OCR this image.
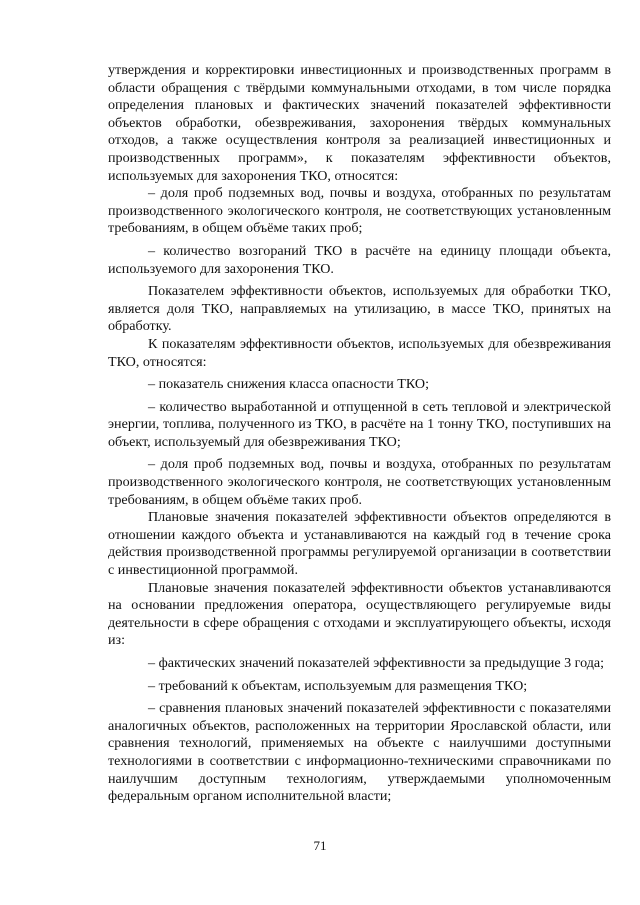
утверждения и корректировки инвестиционных и производственных программ в области обращения с твёрдыми коммунальными отходами, в том числе порядка определения плановых и фактических значений показателей эффективности объектов обработки, обезвреживания, захоронения твёрдых коммунальных отходов, а также осуществления контроля за реализацией инвестиционных и производственных программ», к показателям эффективности объектов, используемых для захоронения ТКО, относятся:

– доля проб подземных вод, почвы и воздуха, отобранных по результатам производственного экологического контроля, не соответствующих установленным требованиям, в общем объёме таких проб;

– количество возгораний ТКО в расчёте на единицу площади объекта, используемого для захоронения ТКО.

Показателем эффективности объектов, используемых для обработки ТКО, является доля ТКО, направляемых на утилизацию, в массе ТКО, принятых на обработку.

К показателям эффективности объектов, используемых для обезвреживания ТКО, относятся:

– показатель снижения класса опасности ТКО;

– количество выработанной и отпущенной в сеть тепловой и электрической энергии, топлива, полученного из ТКО, в расчёте на 1 тонну ТКО, поступивших на объект, используемый для обезвреживания ТКО;

– доля проб подземных вод, почвы и воздуха, отобранных по результатам производственного экологического контроля, не соответствующих установленным требованиям, в общем объёме таких проб.

Плановые значения показателей эффективности объектов определяются в отношении каждого объекта и устанавливаются на каждый год в течение срока действия производственной программы регулируемой организации в соответствии с инвестиционной программой.

Плановые значения показателей эффективности объектов устанавливаются на основании предложения оператора, осуществляющего регулируемые виды деятельности в сфере обращения с отходами и эксплуатирующего объекты, исходя из:

– фактических значений показателей эффективности за предыдущие 3 года;

– требований к объектам, используемым для размещения ТКО;

– сравнения плановых значений показателей эффективности с показателями аналогичных объектов, расположенных на территории Ярославской области, или сравнения технологий, применяемых на объекте с наилучшими доступными технологиями в соответствии с информационно-техническими справочниками по наилучшим доступным технологиям, утверждаемыми уполномоченным федеральным органом исполнительной власти;

71
